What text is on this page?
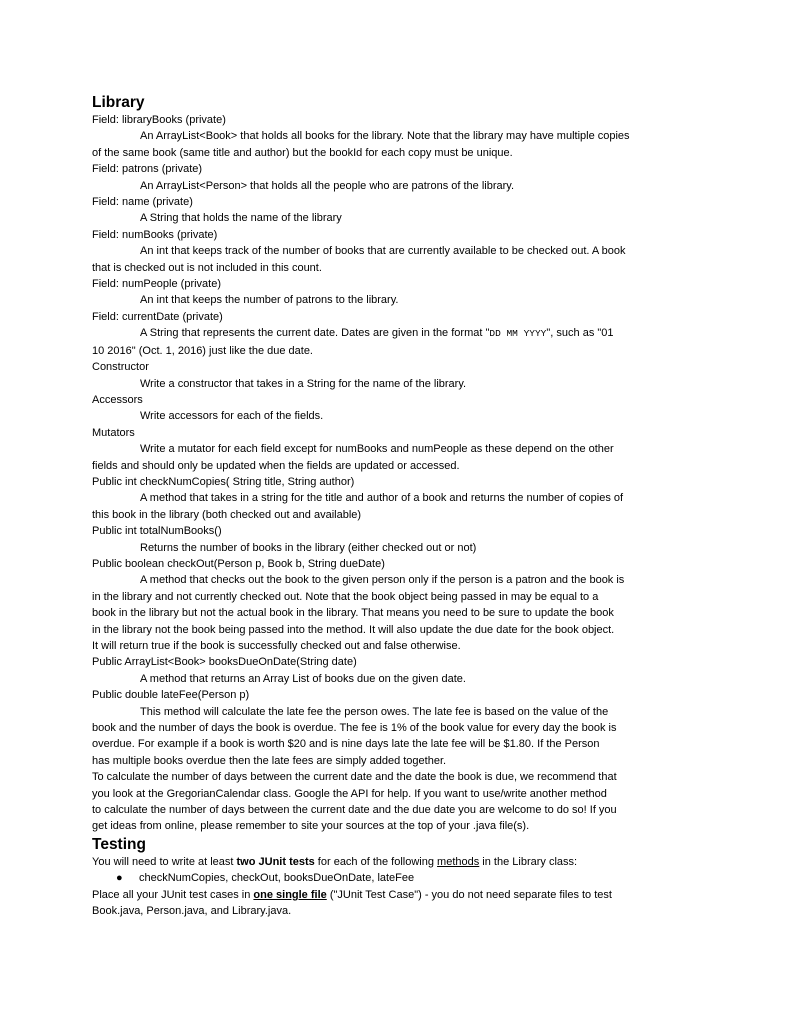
Library

Field: libraryBooks (private)

An ArrayList<Book> that holds all books for the library. Note that the library may have multiple copies

of the same book (same title and author) but the bookId for each copy must be unique.

Field: patrons (private)

An ArrayList<Person> that holds all the people who are patrons of the library.

Field: name (private)

A String that holds the name of the library

Field: numBooks (private)

An int that keeps track of the number of books that are currently available to be checked out. A book

that is checked out is not included in this count.

Field: numPeople (private)

An int that keeps the number of patrons to the library.

Field: currentDate (private)

A String that represents the current date. Dates are given in the format "DD MM YYYY", such as "01

10 2016" (Oct. 1, 2016) just like the due date.

Constructor

Write a constructor that takes in a String for the name of the library.

Accessors

Write accessors for each of the fields.

Mutators

Write a mutator for each field except for numBooks and numPeople as these depend on the other

fields and should only be updated when the fields are updated or accessed.

Public int checkNumCopies( String title, String author)

A method that takes in a string for the title and author of a book and returns the number of copies of

this book in the library (both checked out and available)

Public int totalNumBooks()

Returns the number of books in the library (either checked out or not)

Public boolean checkOut(Person p, Book b, String dueDate)

A method that checks out the book to the given person only if the person is a patron and the book is

in the library and not currently checked out. Note that the book object being passed in may be equal to a

book in the library but not the actual book in the library. That means you need to be sure to update the book

in the library not the book being passed into the method. It will also update the due date for the book object.

It will return true if the book is successfully checked out and false otherwise.

Public ArrayList<Book> booksDueOnDate(String date)

A method that returns an Array List of books due on the given date.

Public double lateFee(Person p)

This method will calculate the late fee the person owes. The late fee is based on the value of the

book and the number of days the book is overdue. The fee is 1% of the book value for every day the book is

overdue. For example if a book is worth $20 and is nine days late the late fee will be $1.80. If the Person

has multiple books overdue then the late fees are simply added together.

To calculate the number of days between the current date and the date the book is due, we recommend that

you look at the GregorianCalendar class. Google the API for help. If you want to use/write another method

to calculate the number of days between the current date and the due date you are welcome to do so! If you

get ideas from online, please remember to site your sources at the top of your .java file(s).

Testing

You will need to write at least two JUnit tests for each of the following methods in the Library class:

● checkNumCopies, checkOut, booksDueOnDate, lateFee

Place all your JUnit test cases in one single file ("JUnit Test Case") - you do not need separate files to test

Book.java, Person.java, and Library.java.
